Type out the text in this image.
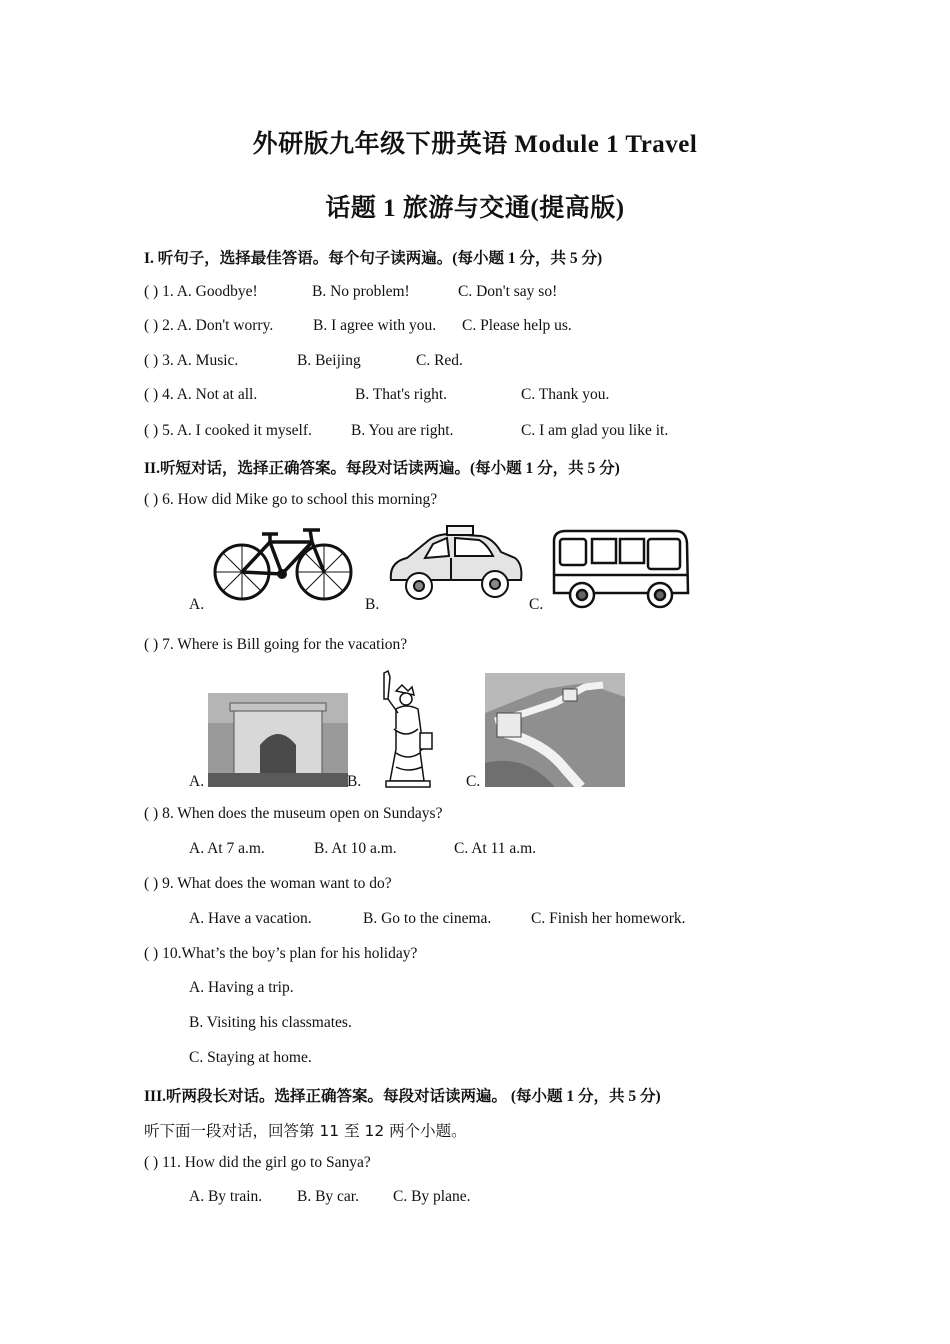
外研版九年级下册英语 Module 1 Travel
话题 1 旅游与交通(提高版)
I. 听句子，选择最佳答语。每个句子读两遍。(每小题 1 分，共 5 分)
( ) 1. A. Goodbye!	B. No problem!	C. Don't say so!
( ) 2. A. Don't worry.	B. I agree with you. C. Please help us.
( ) 3. A. Music.	B. Beijing	C. Red.
( ) 4. A. Not at all.	B. That's right.	C. Thank you.
( ) 5. A. I cooked it myself.	B. You are right.	C. I am glad you like it.
II.听短对话，选择正确答案。每段对话读两遍。(每小题 1 分，共 5 分)
( ) 6. How did Mike go to school this morning?
A.	B.	C.
( ) 7. Where is Bill going for the vacation?
A.	B.	C.
( ) 8. When does the museum open on Sundays?
A. At 7 a.m.	B. At 10 a.m.	C. At 11 a.m.
( ) 9. What does the woman want to do?
A. Have a vacation.	B. Go to the cinema.	C. Finish her homework.
( ) 10.What’s the boy’s plan for his holiday?
A. Having a trip.
B. Visiting his classmates.
C. Staying at home.
III.听两段长对话。选择正确答案。每段对话读两遍。 (每小题 1 分，共 5 分)
听下面一段对话，回答第 11 至 12 两个小题。
( ) 11. How did the girl go to Sanya?
A. By train. B. By car. C. By plane.
